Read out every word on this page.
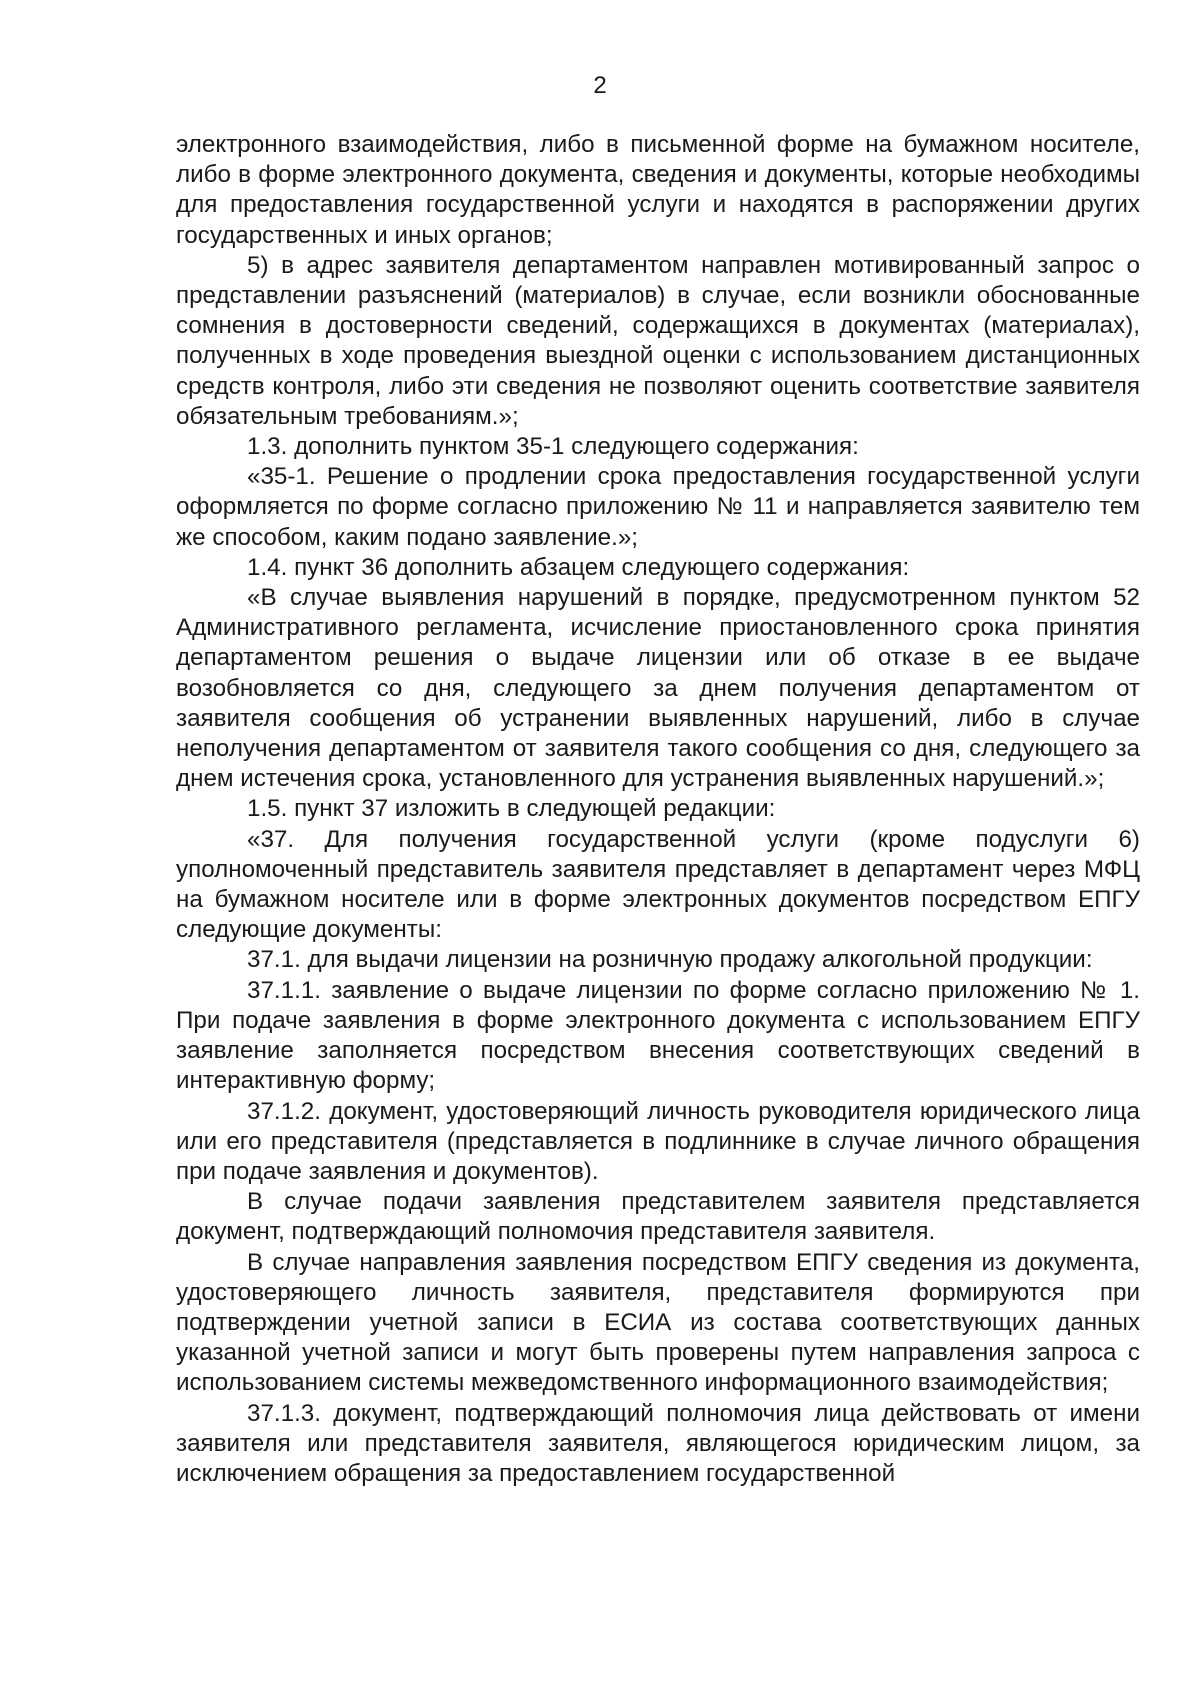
2

электронного взаимодействия, либо в письменной форме на бумажном носителе, либо в форме электронного документа, сведения и документы, которые необходимы для предоставления государственной услуги и находятся в распоряжении других государственных и иных органов;

5) в адрес заявителя департаментом направлен мотивированный запрос о представлении разъяснений (материалов) в случае, если возникли обоснованные сомнения в достоверности сведений, содержащихся в документах (материалах), полученных в ходе проведения выездной оценки с использованием дистанционных средств контроля, либо эти сведения не позволяют оценить соответствие заявителя обязательным требованиям.»;

1.3. дополнить пунктом 35-1 следующего содержания:

«35-1. Решение о продлении срока предоставления государственной услуги оформляется по форме согласно приложению № 11 и направляется заявителю тем же способом, каким подано заявление.»;

1.4. пункт 36 дополнить абзацем следующего содержания:

«В случае выявления нарушений в порядке, предусмотренном пунктом 52 Административного регламента, исчисление приостановленного срока принятия департаментом решения о выдаче лицензии или об отказе в ее выдаче возобновляется со дня, следующего за днем получения департаментом от заявителя сообщения об устранении выявленных нарушений, либо в случае неполучения департаментом от заявителя такого сообщения со дня, следующего за днем истечения срока, установленного для устранения выявленных нарушений.»;

1.5. пункт 37 изложить в следующей редакции:

«37. Для получения государственной услуги (кроме подуслуги 6) уполномоченный представитель заявителя представляет в департамент через МФЦ на бумажном носителе или в форме электронных документов посредством ЕПГУ следующие документы:

37.1. для выдачи лицензии на розничную продажу алкогольной продукции:

37.1.1. заявление о выдаче лицензии по форме согласно приложению № 1. При подаче заявления в форме электронного документа с использованием ЕПГУ заявление заполняется посредством внесения соответствующих сведений в интерактивную форму;

37.1.2. документ, удостоверяющий личность руководителя юридического лица или его представителя (представляется в подлиннике в случае личного обращения при подаче заявления и документов).

В случае подачи заявления представителем заявителя представляется документ, подтверждающий полномочия представителя заявителя.

В случае направления заявления посредством ЕПГУ сведения из документа, удостоверяющего личность заявителя, представителя формируются при подтверждении учетной записи в ЕСИА из состава соответствующих данных указанной учетной записи и могут быть проверены путем направления запроса с использованием системы межведомственного информационного взаимодействия;

37.1.3. документ, подтверждающий полномочия лица действовать от имени заявителя или представителя заявителя, являющегося юридическим лицом, за исключением обращения за предоставлением государственной
